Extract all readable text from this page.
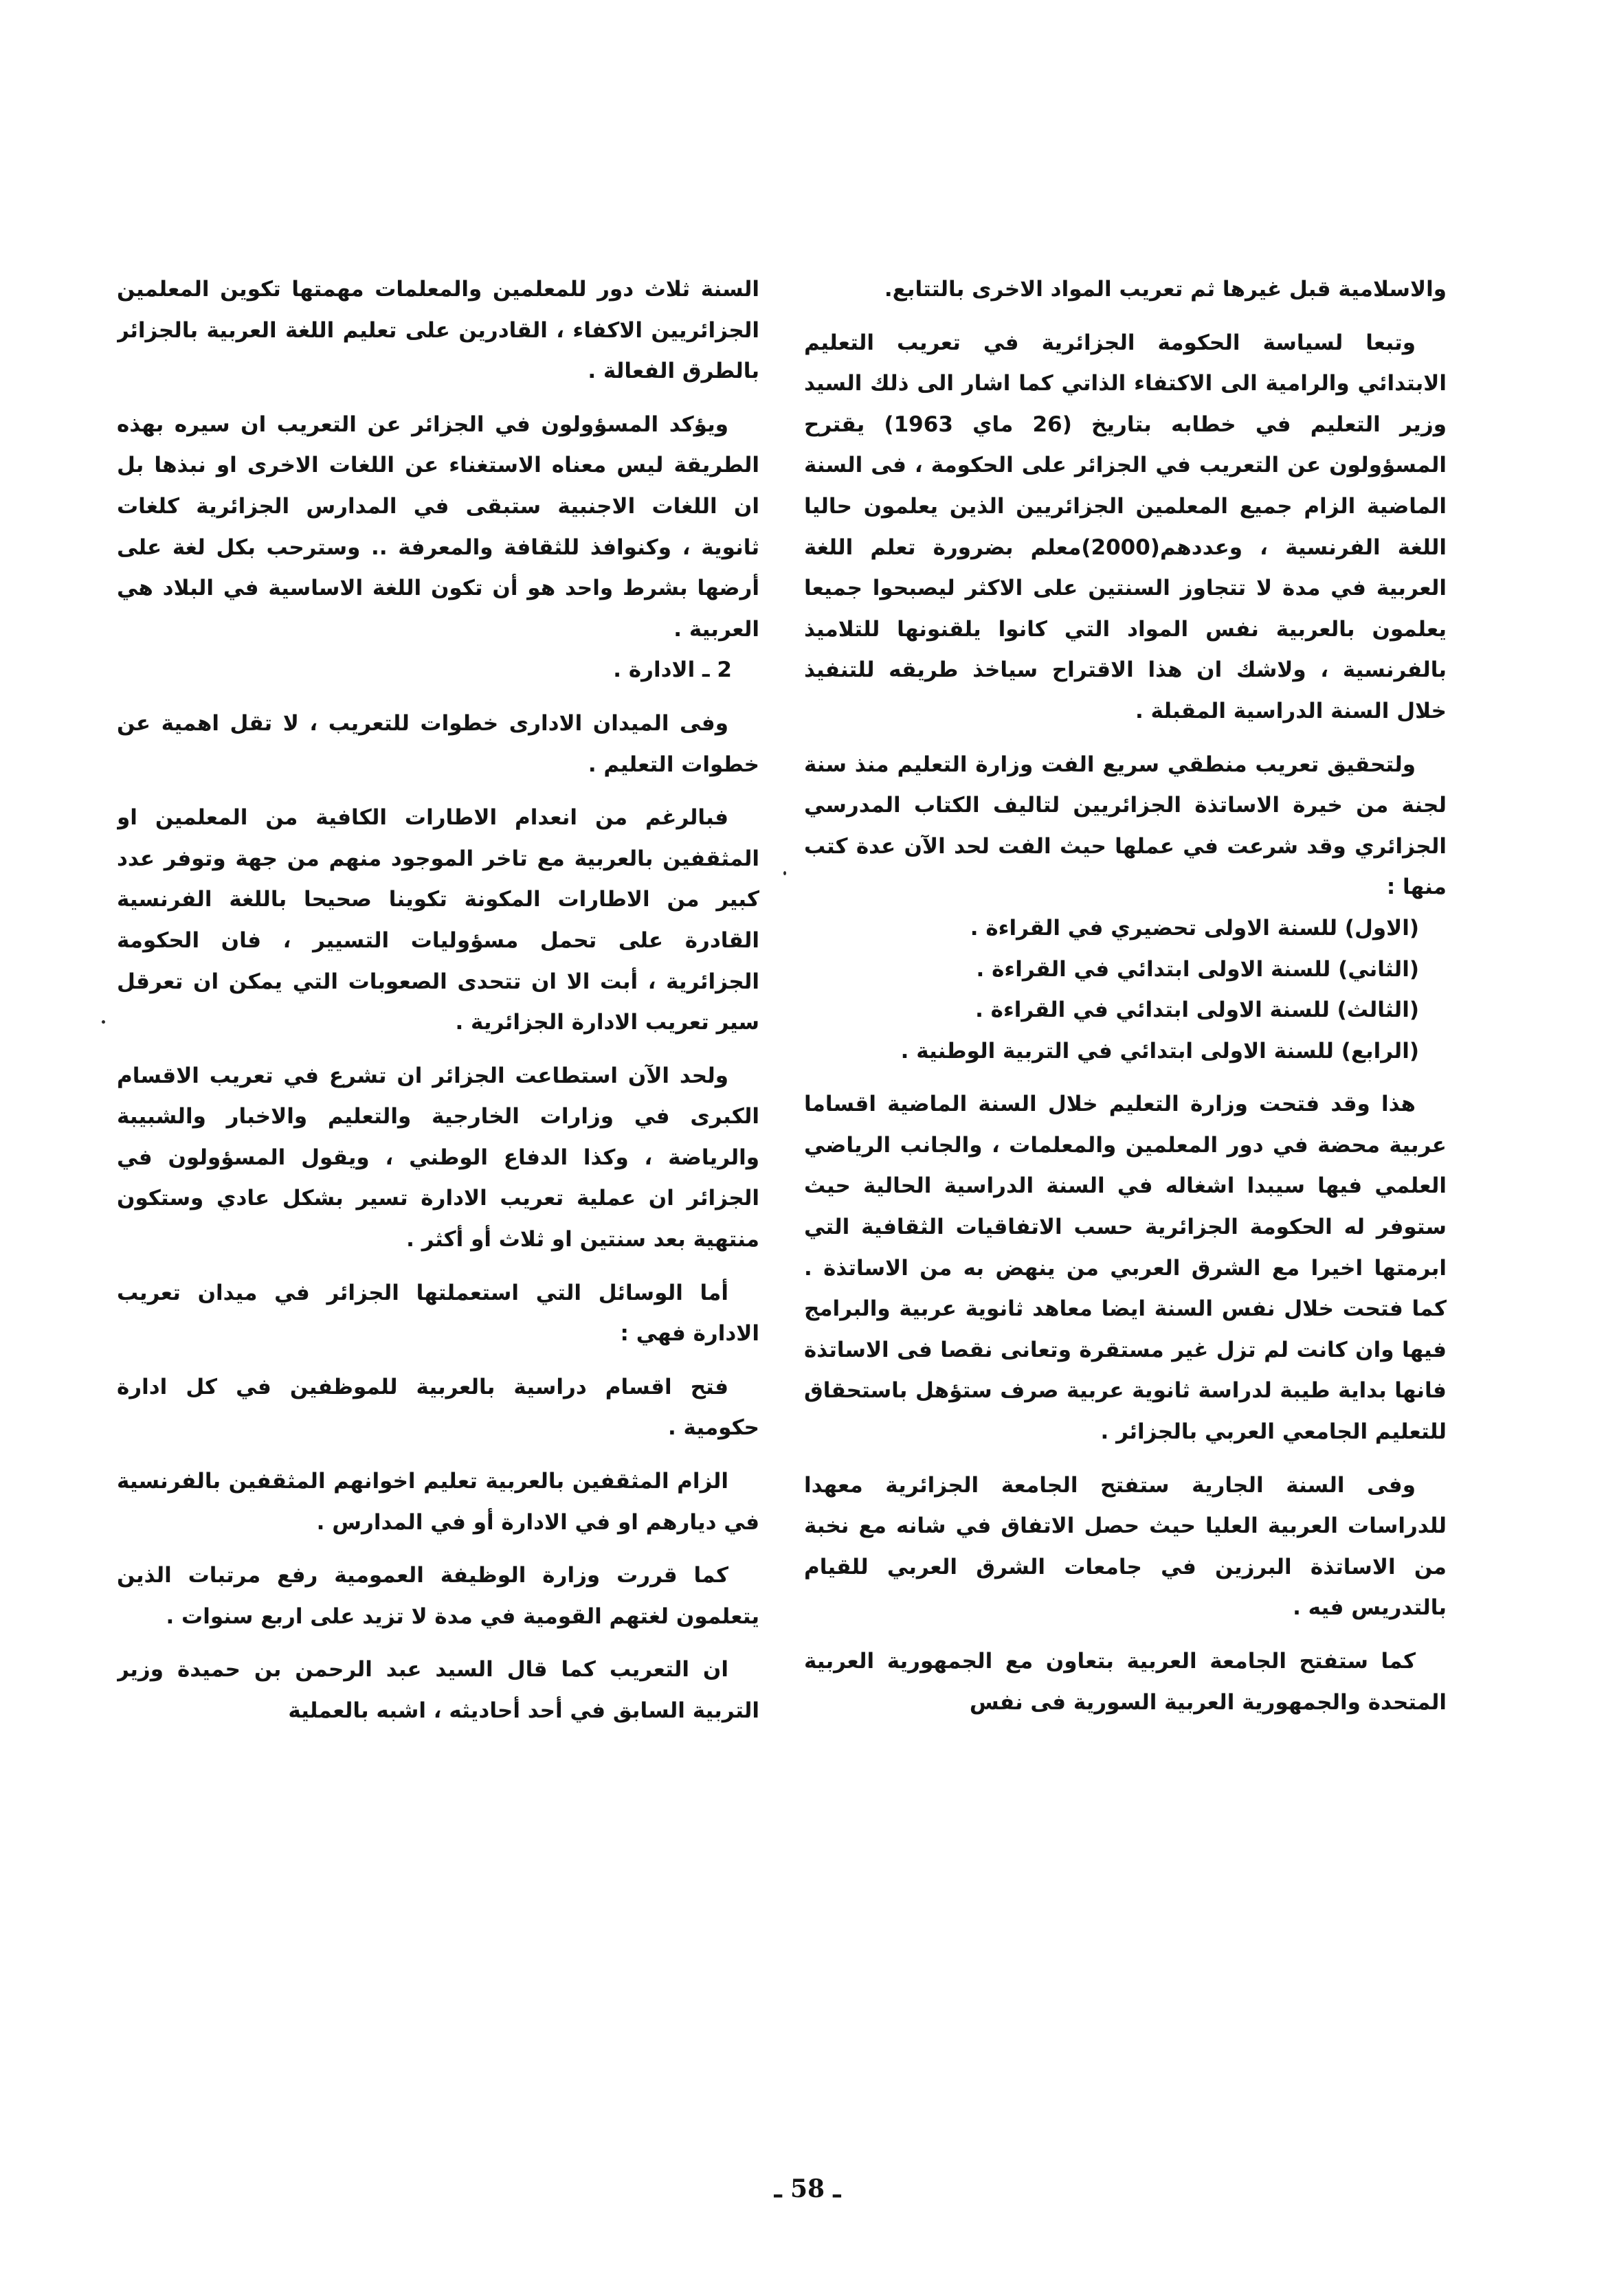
والاسلامية قبل غيرها ثم تعريب المواد الاخرى بالتتابع.

وتبعا لسياسة الحكومة الجزائرية في تعريب التعليم الابتدائي والرامية الى الاكتفاء الذاتي كما اشار الى ذلك السيد وزير التعليم في خطابه بتاريخ (26 ماي 1963) يقترح المسؤولون عن التعريب في الجزائر على الحكومة ، فى السنة الماضية الزام جميع المعلمين الجزائريين الذين يعلمون حاليا اللغة الفرنسية ، وعددهم(2000)معلم بضرورة تعلم اللغة العربية في مدة لا تتجاوز السنتين على الاكثر ليصبحوا جميعا يعلمون بالعربية نفس المواد التي كانوا يلقنونها للتلاميذ بالفرنسية ، ولاشك ان هذا الاقتراح سياخذ طريقه للتنفيذ خلال السنة الدراسية المقبلة .

ولتحقيق تعريب منطقي سريع الفت وزارة التعليم منذ سنة لجنة من خيرة الاساتذة الجزائريين لتاليف الكتاب المدرسي الجزائري وقد شرعت في عملها حيث الفت لحد الآن عدة كتب منها :

(الاول) للسنة الاولى تحضيري في القراءة .

(الثاني) للسنة الاولى ابتدائي في القراءة .

(الثالث) للسنة الاولى ابتدائي في القراءة .

(الرابع) للسنة الاولى ابتدائي في التربية الوطنية .

هذا وقد فتحت وزارة التعليم خلال السنة الماضية اقساما عربية محضة في دور المعلمين والمعلمات ، والجانب الرياضي العلمي فيها سيبدا اشغاله في السنة الدراسية الحالية حيث ستوفر له الحكومة الجزائرية حسب الاتفاقيات الثقافية التي ابرمتها اخيرا مع الشرق العربي من ينهض به من الاساتذة . كما فتحت خلال نفس السنة ايضا معاهد ثانوية عربية والبرامج فيها وان كانت لم تزل غير مستقرة وتعانى نقصا فى الاساتذة فانها بداية طيبة لدراسة ثانوية عربية صرف ستؤهل باستحقاق للتعليم الجامعي العربي بالجزائر .

وفى السنة الجارية ستفتح الجامعة الجزائرية معهدا للدراسات العربية العليا حيث حصل الاتفاق في شانه مع نخبة من الاساتذة البرزين في جامعات الشرق العربي للقيام بالتدريس فيه .

كما ستفتح الجامعة العربية بتعاون مع الجمهورية العربية المتحدة والجمهورية العربية السورية فى نفس

السنة ثلاث دور للمعلمين والمعلمات مهمتها تكوين المعلمين الجزائريين الاكفاء ، القادرين على تعليم اللغة العربية بالجزائر بالطرق الفعالة .

ويؤكد المسؤولون في الجزائر عن التعريب ان سيره بهذه الطريقة ليس معناه الاستغناء عن اللغات الاخرى او نبذها بل ان اللغات الاجنبية ستبقى في المدارس الجزائرية كلغات ثانوية ، وكنوافذ للثقافة والمعرفة .. وسترحب بكل لغة على أرضها بشرط واحد هو أن تكون اللغة الاساسية في البلاد هي العربية .

2 ـ الادارة .

وفى الميدان الادارى خطوات للتعريب ، لا تقل اهمية عن خطوات التعليم .

فبالرغم من انعدام الاطارات الكافية من المعلمين او المثقفين بالعربية مع تاخر الموجود منهم من جهة وتوفر عدد كبير من الاطارات المكونة تكوينا صحيحا باللغة الفرنسية القادرة على تحمل مسؤوليات التسيير ، فان الحكومة الجزائرية ، أبت الا ان تتحدى الصعوبات التي يمكن ان تعرقل سير تعريب الادارة الجزائرية .

ولحد الآن استطاعت الجزائر ان تشرع في تعريب الاقسام الكبرى في وزارات الخارجية والتعليم والاخبار والشبيبة والرياضة ، وكذا الدفاع الوطني ، ويقول المسؤولون في الجزائر ان عملية تعريب الادارة تسير بشكل عادي وستكون منتهية بعد سنتين او ثلاث أو أكثر .

أما الوسائل التي استعملتها الجزائر في ميدان تعريب الادارة فهي :

فتح اقسام دراسية بالعربية للموظفين في كل ادارة حكومية .

الزام المثقفين بالعربية تعليم اخوانهم المثقفين بالفرنسية في ديارهم او في الادارة أو في المدارس .

كما قررت وزارة الوظيفة العمومية رفع مرتبات الذين يتعلمون لغتهم القومية في مدة لا تزيد على اربع سنوات .

ان التعريب كما قال السيد عبد الرحمن بن حميدة وزير التربية السابق في أحد أحاديثه ، اشبه بالعملية

ـ 58 ـ
